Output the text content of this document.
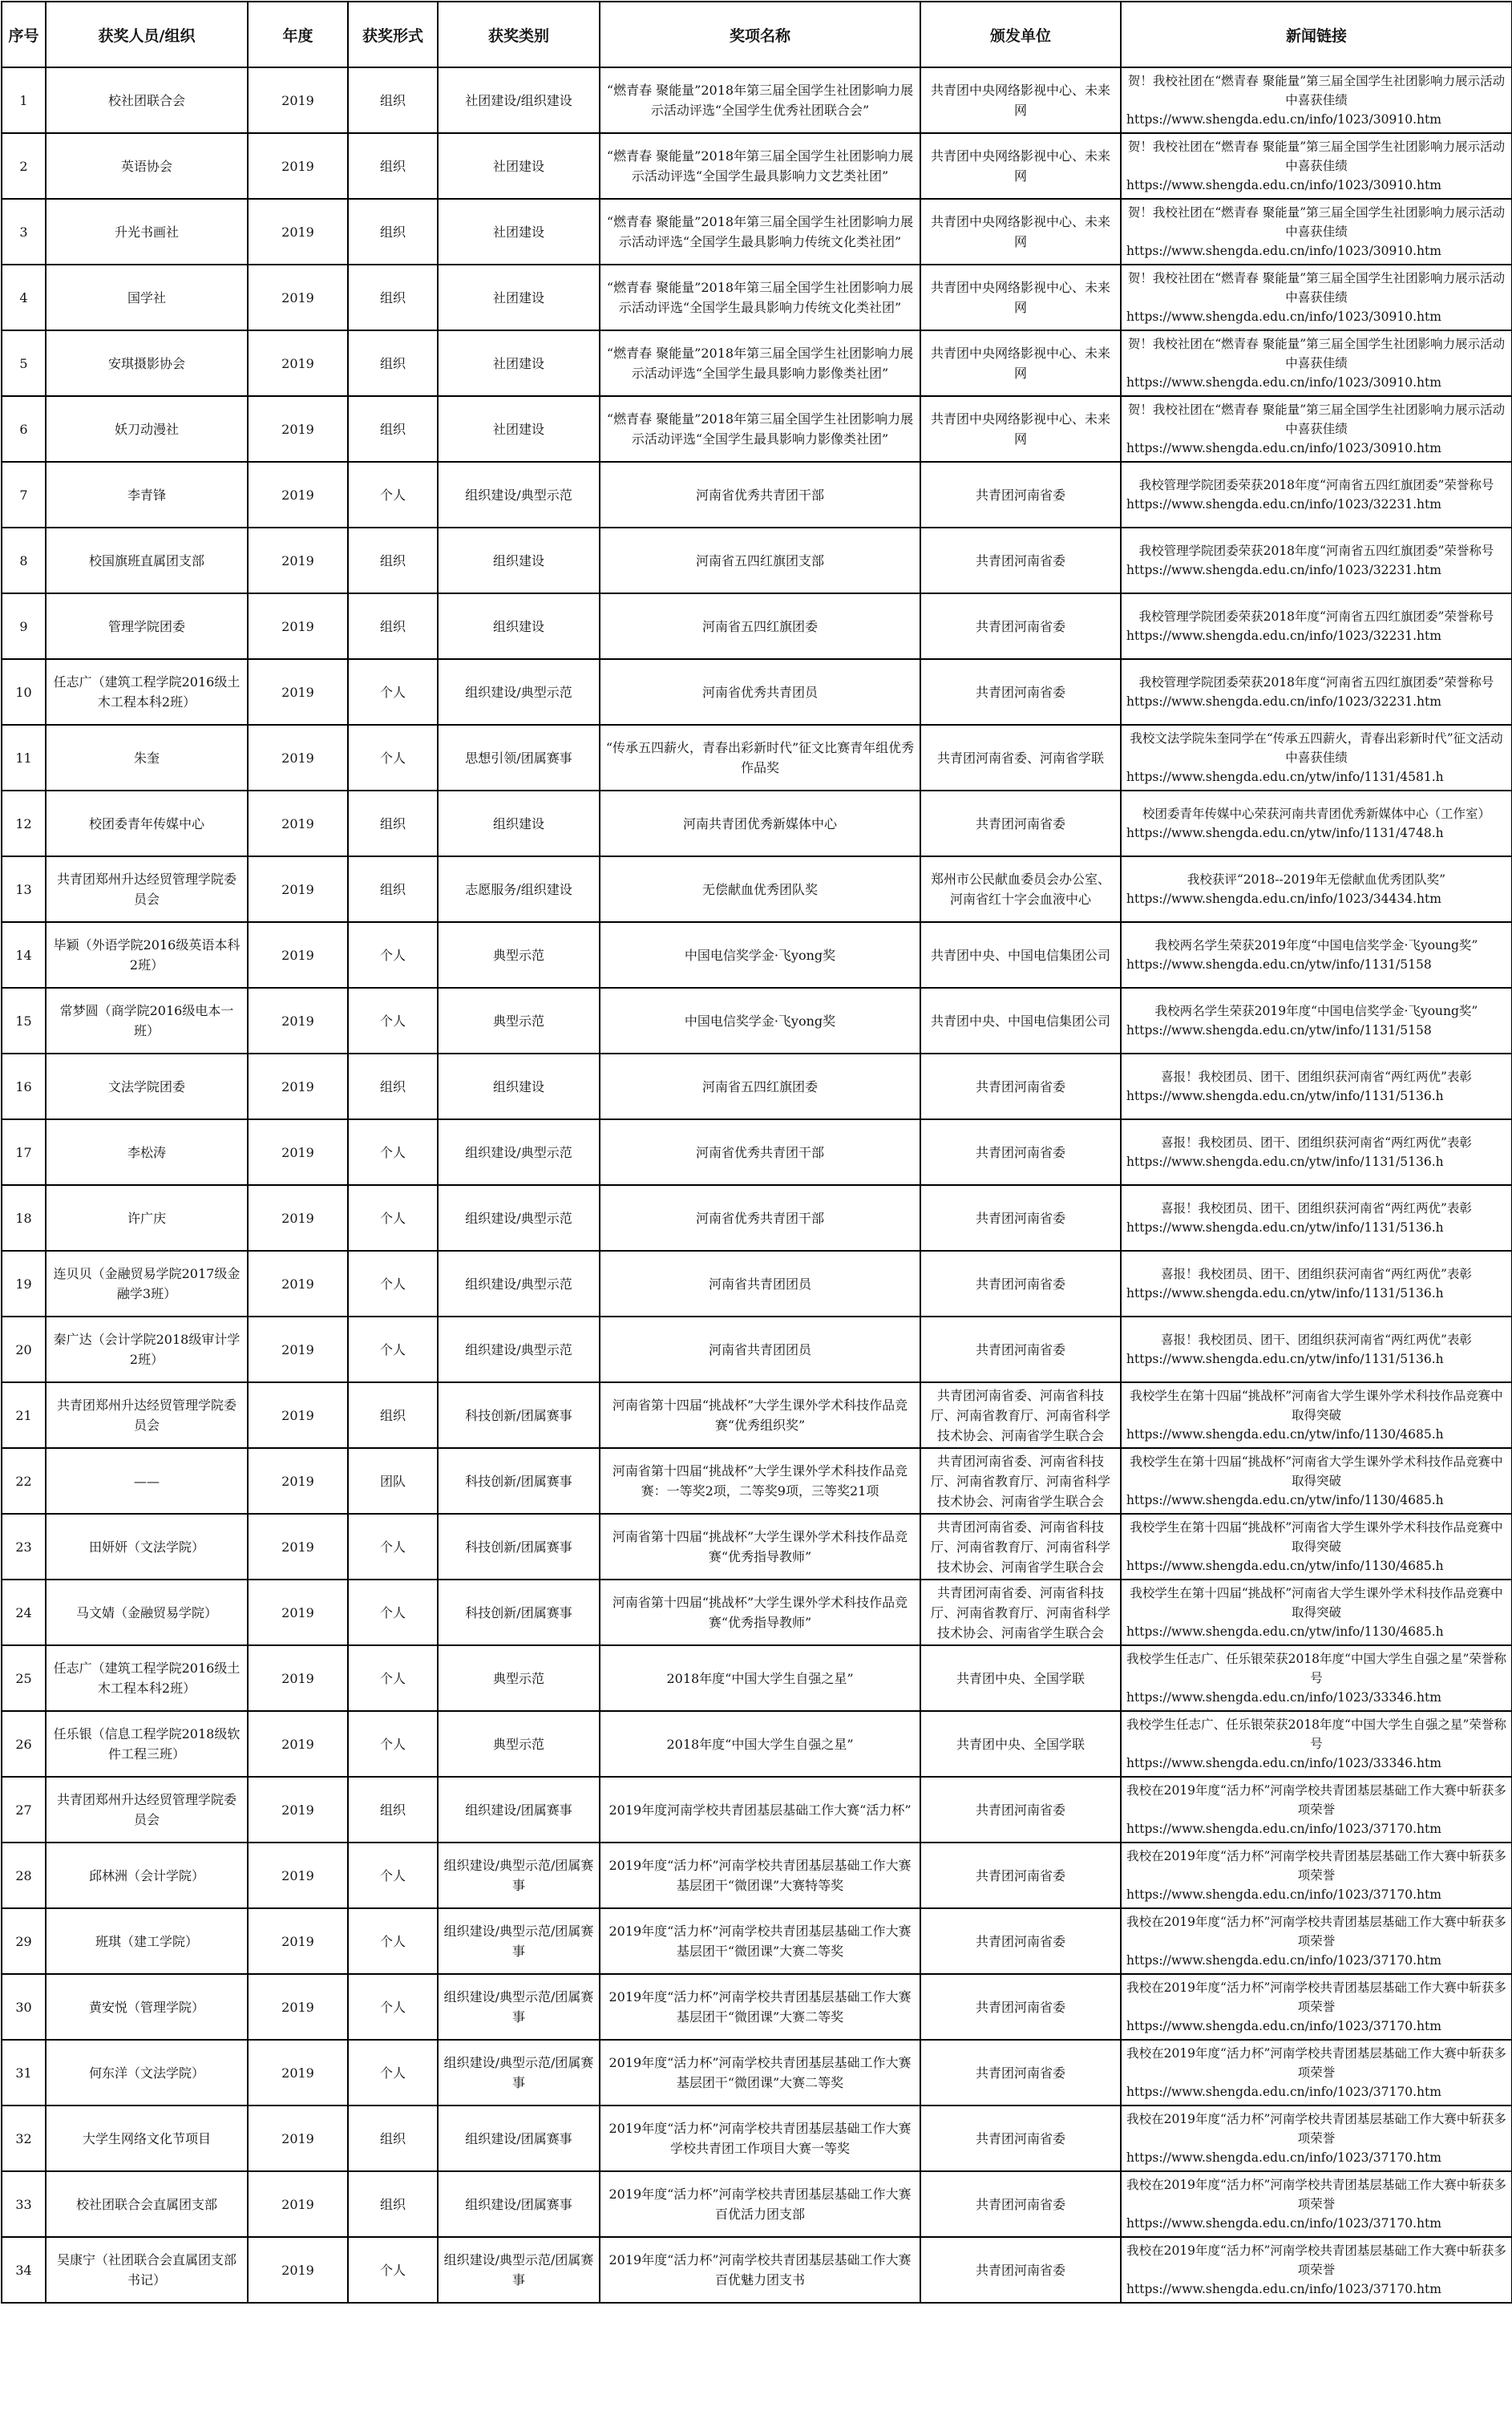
序号	获奖人员/组织	年度	获奖形式	获奖类别	奖项名称	颁发单位	新闻链接
1	校社团联合会	2019	组织	社团建设/组织建设	“燃青春 聚能量”2018年第三届全国学生社团影响力展示活动评选“全国学生优秀社团联合会”	共青团中央网络影视中心、未来网	贺！我校社团在“燃青春 聚能量”第三届全国学生社团影响力展示活动中喜获佳绩
https://www.shengda.edu.cn/info/1023/30910.htm

2	英语协会	2019	组织	社团建设	“燃青春 聚能量”2018年第三届全国学生社团影响力展示活动评选“全国学生最具影响力文艺类社团”	共青团中央网络影视中心、未来网	贺！我校社团在“燃青春 聚能量”第三届全国学生社团影响力展示活动中喜获佳绩
https://www.shengda.edu.cn/info/1023/30910.htm

3	升光书画社	2019	组织	社团建设	“燃青春 聚能量”2018年第三届全国学生社团影响力展示活动评选“全国学生最具影响力传统文化类社团”	共青团中央网络影视中心、未来网	贺！我校社团在“燃青春 聚能量”第三届全国学生社团影响力展示活动中喜获佳绩
https://www.shengda.edu.cn/info/1023/30910.htm

4	国学社	2019	组织	社团建设	“燃青春 聚能量”2018年第三届全国学生社团影响力展示活动评选“全国学生最具影响力传统文化类社团”	共青团中央网络影视中心、未来网	贺！我校社团在“燃青春 聚能量”第三届全国学生社团影响力展示活动中喜获佳绩
https://www.shengda.edu.cn/info/1023/30910.htm

5	安琪摄影协会	2019	组织	社团建设	“燃青春 聚能量”2018年第三届全国学生社团影响力展示活动评选“全国学生最具影响力影像类社团”	共青团中央网络影视中心、未来网	贺！我校社团在“燃青春 聚能量”第三届全国学生社团影响力展示活动中喜获佳绩
https://www.shengda.edu.cn/info/1023/30910.htm

6	妖刀动漫社	2019	组织	社团建设	“燃青春 聚能量”2018年第三届全国学生社团影响力展示活动评选“全国学生最具影响力影像类社团”	共青团中央网络影视中心、未来网	贺！我校社团在“燃青春 聚能量”第三届全国学生社团影响力展示活动中喜获佳绩
https://www.shengda.edu.cn/info/1023/30910.htm

7	李青锋	2019	个人	组织建设/典型示范	河南省优秀共青团干部	共青团河南省委	我校管理学院团委荣获2018年度“河南省五四红旗团委”荣誉称号
https://www.shengda.edu.cn/info/1023/32231.htm

8	校国旗班直属团支部	2019	组织	组织建设	河南省五四红旗团支部	共青团河南省委	我校管理学院团委荣获2018年度“河南省五四红旗团委”荣誉称号
https://www.shengda.edu.cn/info/1023/32231.htm

9	管理学院团委	2019	组织	组织建设	河南省五四红旗团委	共青团河南省委	我校管理学院团委荣获2018年度“河南省五四红旗团委”荣誉称号
https://www.shengda.edu.cn/info/1023/32231.htm

10	任志广（建筑工程学院2016级土木工程本科2班）	2019	个人	组织建设/典型示范	河南省优秀共青团员	共青团河南省委	我校管理学院团委荣获2018年度“河南省五四红旗团委”荣誉称号
https://www.shengda.edu.cn/info/1023/32231.htm

11	朱奎	2019	个人	思想引领/团属赛事	“传承五四薪火，青春出彩新时代”征文比赛青年组优秀作品奖	共青团河南省委、河南省学联	我校文法学院朱奎同学在“传承五四薪火，青春出彩新时代”征文活动中喜获佳绩
https://www.shengda.edu.cn/ytw/info/1131/4581.h

12	校团委青年传媒中心	2019	组织	组织建设	河南共青团优秀新媒体中心	共青团河南省委	校团委青年传媒中心荣获河南共青团优秀新媒体中心（工作室）
https://www.shengda.edu.cn/ytw/info/1131/4748.h

13	共青团郑州升达经贸管理学院委员会	2019	组织	志愿服务/组织建设	无偿献血优秀团队奖	郑州市公民献血委员会办公室、河南省红十字会血液中心	我校获评“2018--2019年无偿献血优秀团队奖”
https://www.shengda.edu.cn/info/1023/34434.htm

14	毕颖（外语学院2016级英语本科2班）	2019	个人	典型示范	中国电信奖学金·飞yong奖	共青团中央、中国电信集团公司	我校两名学生荣获2019年度“中国电信奖学金·飞young奖”
https://www.shengda.edu.cn/ytw/info/1131/5158

15	常梦圆（商学院2016级电本一班）	2019	个人	典型示范	中国电信奖学金·飞yong奖	共青团中央、中国电信集团公司	我校两名学生荣获2019年度“中国电信奖学金·飞young奖”
https://www.shengda.edu.cn/ytw/info/1131/5158

16	文法学院团委	2019	组织	组织建设	河南省五四红旗团委	共青团河南省委	喜报！我校团员、团干、团组织获河南省“两红两优”表彰
https://www.shengda.edu.cn/ytw/info/1131/5136.h

17	李松涛	2019	个人	组织建设/典型示范	河南省优秀共青团干部	共青团河南省委	喜报！我校团员、团干、团组织获河南省“两红两优”表彰
https://www.shengda.edu.cn/ytw/info/1131/5136.h

18	许广庆	2019	个人	组织建设/典型示范	河南省优秀共青团干部	共青团河南省委	喜报！我校团员、团干、团组织获河南省“两红两优”表彰
https://www.shengda.edu.cn/ytw/info/1131/5136.h

19	连贝贝（金融贸易学院2017级金融学3班）	2019	个人	组织建设/典型示范	河南省共青团团员	共青团河南省委	喜报！我校团员、团干、团组织获河南省“两红两优”表彰
https://www.shengda.edu.cn/ytw/info/1131/5136.h

20	秦广达（会计学院2018级审计学2班）	2019	个人	组织建设/典型示范	河南省共青团团员	共青团河南省委	喜报！我校团员、团干、团组织获河南省“两红两优”表彰
https://www.shengda.edu.cn/ytw/info/1131/5136.h

21	共青团郑州升达经贸管理学院委员会	2019	组织	科技创新/团属赛事	河南省第十四届“挑战杯”大学生课外学术科技作品竞赛“优秀组织奖”	共青团河南省委、河南省科技厅、河南省教育厅、河南省科学技术协会、河南省学生联合会	我校学生在第十四届“挑战杯”河南省大学生课外学术科技作品竞赛中取得突破
https://www.shengda.edu.cn/ytw/info/1130/4685.h

22	——	2019	团队	科技创新/团属赛事	河南省第十四届“挑战杯”大学生课外学术科技作品竞赛：一等奖2项，二等奖9项，三等奖21项	共青团河南省委、河南省科技厅、河南省教育厅、河南省科学技术协会、河南省学生联合会	我校学生在第十四届“挑战杯”河南省大学生课外学术科技作品竞赛中取得突破
https://www.shengda.edu.cn/ytw/info/1130/4685.h

23	田妍妍（文法学院）	2019	个人	科技创新/团属赛事	河南省第十四届“挑战杯”大学生课外学术科技作品竞赛“优秀指导教师”	共青团河南省委、河南省科技厅、河南省教育厅、河南省科学技术协会、河南省学生联合会	我校学生在第十四届“挑战杯”河南省大学生课外学术科技作品竞赛中取得突破
https://www.shengda.edu.cn/ytw/info/1130/4685.h

24	马文婧（金融贸易学院）	2019	个人	科技创新/团属赛事	河南省第十四届“挑战杯”大学生课外学术科技作品竞赛“优秀指导教师”	共青团河南省委、河南省科技厅、河南省教育厅、河南省科学技术协会、河南省学生联合会	我校学生在第十四届“挑战杯”河南省大学生课外学术科技作品竞赛中取得突破
https://www.shengda.edu.cn/ytw/info/1130/4685.h

25	任志广（建筑工程学院2016级土木工程本科2班）	2019	个人	典型示范	2018年度“中国大学生自强之星”	共青团中央、全国学联	我校学生任志广、任乐银荣获2018年度“中国大学生自强之星”荣誉称号
https://www.shengda.edu.cn/info/1023/33346.htm

26	任乐银（信息工程学院2018级软件工程三班）	2019	个人	典型示范	2018年度“中国大学生自强之星”	共青团中央、全国学联	我校学生任志广、任乐银荣获2018年度“中国大学生自强之星”荣誉称号
https://www.shengda.edu.cn/info/1023/33346.htm

27	共青团郑州升达经贸管理学院委员会	2019	组织	组织建设/团属赛事	2019年度河南学校共青团基层基础工作大赛“活力杯”	共青团河南省委	我校在2019年度“活力杯”河南学校共青团基层基础工作大赛中斩获多项荣誉
https://www.shengda.edu.cn/info/1023/37170.htm

28	邱林洲（会计学院）	2019	个人	组织建设/典型示范/团属赛事	2019年度“活力杯”河南学校共青团基层基础工作大赛基层团干“微团课”大赛特等奖	共青团河南省委	我校在2019年度“活力杯”河南学校共青团基层基础工作大赛中斩获多项荣誉
https://www.shengda.edu.cn/info/1023/37170.htm

29	班琪（建工学院）	2019	个人	组织建设/典型示范/团属赛事	2019年度“活力杯”河南学校共青团基层基础工作大赛基层团干“微团课”大赛二等奖	共青团河南省委	我校在2019年度“活力杯”河南学校共青团基层基础工作大赛中斩获多项荣誉
https://www.shengda.edu.cn/info/1023/37170.htm

30	黄安悦（管理学院）	2019	个人	组织建设/典型示范/团属赛事	2019年度“活力杯”河南学校共青团基层基础工作大赛基层团干“微团课”大赛二等奖	共青团河南省委	我校在2019年度“活力杯”河南学校共青团基层基础工作大赛中斩获多项荣誉
https://www.shengda.edu.cn/info/1023/37170.htm

31	何东洋（文法学院）	2019	个人	组织建设/典型示范/团属赛事	2019年度“活力杯”河南学校共青团基层基础工作大赛基层团干“微团课”大赛二等奖	共青团河南省委	我校在2019年度“活力杯”河南学校共青团基层基础工作大赛中斩获多项荣誉
https://www.shengda.edu.cn/info/1023/37170.htm

32	大学生网络文化节项目	2019	组织	组织建设/团属赛事	2019年度“活力杯”河南学校共青团基层基础工作大赛学校共青团工作项目大赛一等奖	共青团河南省委	我校在2019年度“活力杯”河南学校共青团基层基础工作大赛中斩获多项荣誉
https://www.shengda.edu.cn/info/1023/37170.htm

33	校社团联合会直属团支部	2019	组织	组织建设/团属赛事	2019年度“活力杯”河南学校共青团基层基础工作大赛百优活力团支部	共青团河南省委	我校在2019年度“活力杯”河南学校共青团基层基础工作大赛中斩获多项荣誉
https://www.shengda.edu.cn/info/1023/37170.htm

34	吴康宁（社团联合会直属团支部书记）	2019	个人	组织建设/典型示范/团属赛事	2019年度“活力杯”河南学校共青团基层基础工作大赛百优魅力团支书	共青团河南省委	我校在2019年度“活力杯”河南学校共青团基层基础工作大赛中斩获多项荣誉
https://www.shengda.edu.cn/info/1023/37170.htm
